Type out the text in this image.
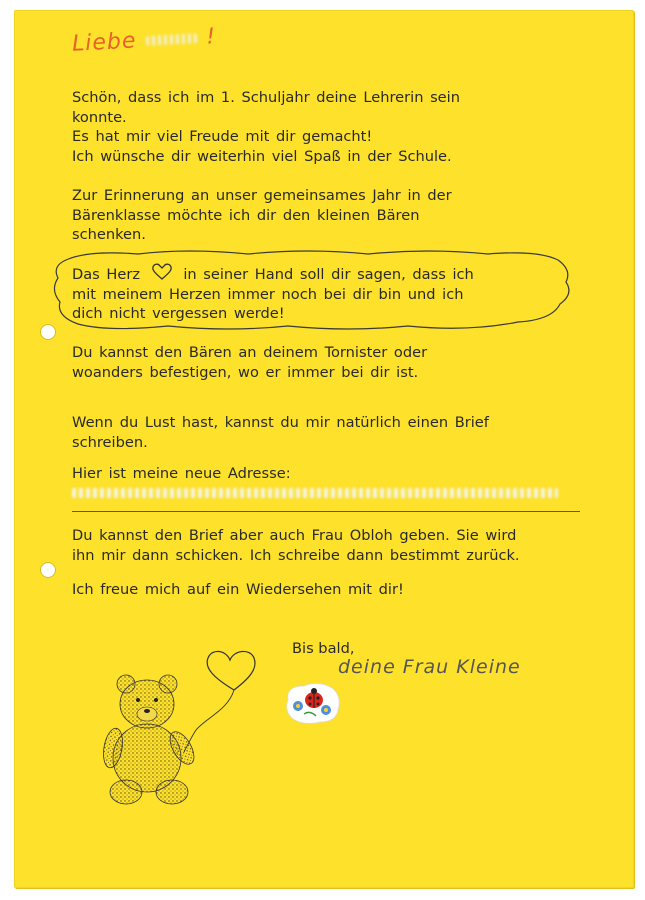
Liebe	!
Schön, dass ich im 1. Schuljahr deine Lehrerin sein
konnte.
Es hat mir viel Freude mit dir gemacht!
Ich wünsche dir weiterhin viel Spaß in der Schule.
Zur Erinnerung an unser gemeinsames Jahr in der
Bärenklasse möchte ich dir den kleinen Bären
schenken.
Das Herz	in seiner Hand soll dir sagen, dass ich
mit meinem Herzen immer noch bei dir bin und ich
dich nicht vergessen werde!
Du kannst den Bären an deinem Tornister oder
woanders befestigen, wo er immer bei dir ist.
Wenn du Lust hast, kannst du mir natürlich einen Brief
schreiben.
Hier ist meine neue Adresse:
Du kannst den Brief aber auch Frau Obloh geben. Sie wird
ihn mir dann schicken. Ich schreibe dann bestimmt zurück.
Ich freue mich auf ein Wiedersehen mit dir!
Bis bald,
deine Frau Kleine
